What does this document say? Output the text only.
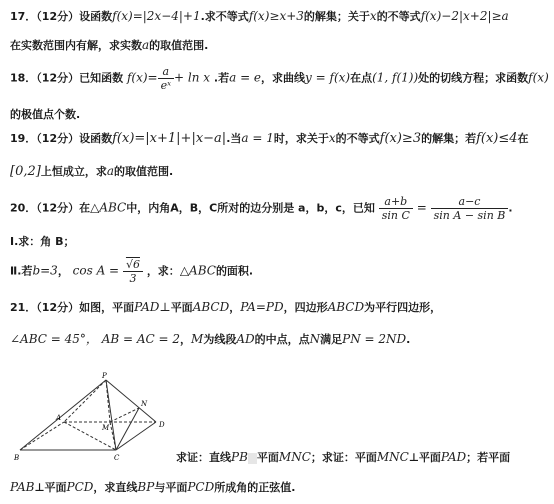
17．（12分）设函数f(x)=|2x−4|+1.求不等式f(x)≥x+3的解集；关于x的不等式f(x)−2|x+2|≥a
在实数范围内有解，求实数a的取值范围.
18．（12分）已知函数 $f(x)= \frac{a}{\text{eˣ}} + \ln x$ .若a = e，求曲线y = f(x)在点(1, f(1))处的切线方程；求函数f(x)
的极值点个数.
19．（12分）设函数f(x)=|x+1|+|x−a|.当a = 1时，求关于x的不等式f(x)≥3的解集；若f(x)≤4在
[0,2]上恒成立，求a的取值范围.
20．（12分）在△ABC中，内角A，B，C所对的边分别是 a，b，c，已知 $\frac{a+b}{\text{sin C}} = \frac{a-c}{\text{sin A − sin B}}$ .
Ⅰ.求：角 B；
Ⅱ.若b=3， $\cos A = \frac{√6}{3}$ ，求：△ABC的面积.
21．（12分）如图，平面PAD⊥平面ABCD，PA=PD，四边形ABCD为平行四边形，
∠ABC = 45°， AB = AC = 2，M为线段AD的中点，点N满足PN = 2ND.
P
B	C
D
A
M
N
求证：直线PB 平面MNC；求证：平面MNC⊥平面PAD；若平面
PAB⊥平面PCD，求直线BP与平面PCD所成角的正弦值.
